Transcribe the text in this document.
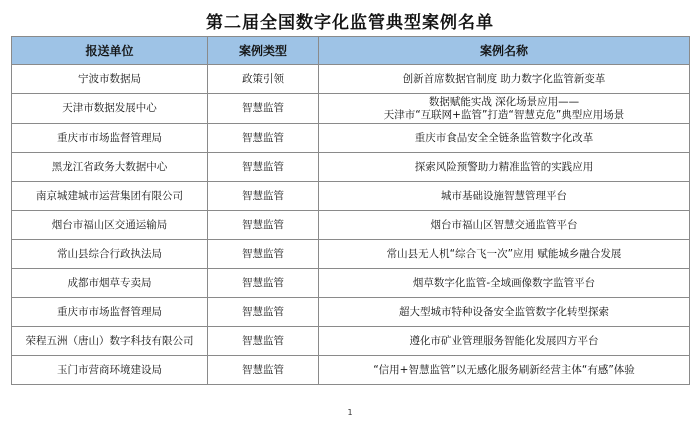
第二届全国数字化监管典型案例名单
报送单位	案例类型	案例名称
宁波市数据局	政策引领	创新首席数据官制度 助力数字化监管新变革

天津市数据发展中心	智慧监管	数据赋能实战 深化场景应用——
天津市“互联网+监管”打造“智慧克危”典型应用场景

重庆市市场监督管理局	智慧监管	重庆市食品安全全链条监管数字化改革

黑龙江省政务大数据中心	智慧监管	探索风险预警助力精准监管的实践应用

南京城建城市运营集团有限公司	智慧监管	城市基础设施智慧管理平台

烟台市福山区交通运输局	智慧监管	烟台市福山区智慧交通监管平台

常山县综合行政执法局	智慧监管	常山县无人机“综合飞一次”应用 赋能城乡融合发展

成都市烟草专卖局	智慧监管	烟草数字化监管-全域画像数字监管平台

重庆市市场监督管理局	智慧监管	超大型城市特种设备安全监管数字化转型探索

荣程五洲（唐山）数字科技有限公司	智慧监管	遵化市矿业管理服务智能化发展四方平台

玉门市营商环境建设局	智慧监管	“信用+智慧监管”以无感化服务刷新经营主体“有感”体验
1
